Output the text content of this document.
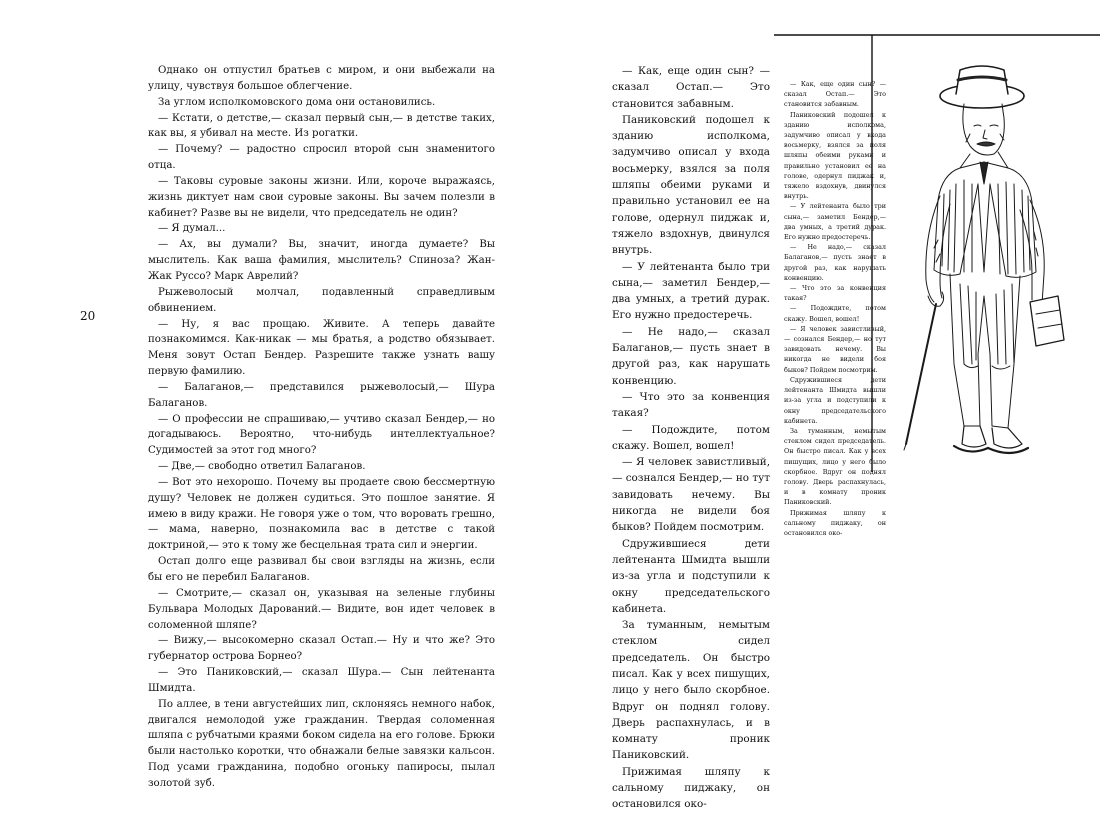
20

Однако он отпустил братьев с миром, и они выбежали на улицу, чувствуя большое облегчение.

За углом исполкомовского дома они остановились.

— Кстати, о детстве,— сказал первый сын,— в детстве таких, как вы, я убивал на месте. Из рогатки.

— Почему? — радостно спросил второй сын знаменитого отца.

— Таковы суровые законы жизни. Или, короче выражаясь, жизнь диктует нам свои суровые законы. Вы зачем полезли в кабинет? Разве вы не видели, что председатель не один?

— Я думал...

— Ах, вы думали? Вы, значит, иногда думаете? Вы мыслитель. Как ваша фамилия, мыслитель? Спиноза? Жан-Жак Руссо? Марк Аврелий?

Рыжеволосый молчал, подавленный справедливым обвинением.

— Ну, я вас прощаю. Живите. А теперь давайте познакомимся. Как-никак — мы братья, а родство обязывает. Меня зовут Остап Бендер. Разрешите также узнать вашу первую фамилию.

— Балаганов,— представился рыжеволосый,— Шура Балаганов.

— О профессии не спрашиваю,— учтиво сказал Бендер,— но догадываюсь. Вероятно, что-нибудь интеллектуальное? Судимостей за этот год много?

— Две,— свободно ответил Балаганов.

— Вот это нехорошо. Почему вы продаете свою бессмертную душу? Человек не должен судиться. Это пошлое занятие. Я имею в виду кражи. Не говоря уже о том, что воровать грешно,— мама, наверно, познакомила вас в детстве с такой доктриной,— это к тому же бесцельная трата сил и энергии.

Остап долго еще развивал бы свои взгляды на жизнь, если бы его не перебил Балаганов.

— Смотрите,— сказал он, указывая на зеленые глубины Бульвара Молодых Дарований.— Видите, вон идет человек в соломенной шляпе?

— Вижу,— высокомерно сказал Остап.— Ну и что же? Это губернатор острова Борнео?

— Это Паниковский,— сказал Шура.— Сын лейтенанта Шмидта.

По аллее, в тени августейших лип, склоняясь немного набок, двигался немолодой уже гражданин. Твердая соломенная шляпа с рубчатыми краями боком сидела на его голове. Брюки были настолько коротки, что обнажали белые завязки кальсон. Под усами гражданина, подобно огоньку папиросы, пылал золотой зуб.

— Как, еще один сын? — сказал Остап.— Это становится забавным.

Паниковский подошел к зданию исполкома, задумчиво описал у входа восьмерку, взялся за поля шляпы обеими руками и правильно установил ее на голове, одернул пиджак и, тяжело вздохнув, двинулся внутрь.

— У лейтенанта было три сына,— заметил Бендер,— два умных, а третий дурак. Его нужно предостеречь.

— Не надо,— сказал Балаганов,— пусть знает в другой раз, как нарушать конвенцию.

— Что это за конвенция такая?

— Подождите, потом скажу. Вошел, вошел!

— Я человек завистливый,— сознался Бендер,— но тут завидовать нечему. Вы никогда не видели боя быков? Пойдем посмотрим.

Сдружившиеся дети лейтенанта Шмидта вышли из-за угла и подступили к окну председательского кабинета.

За туманным, немытым стеклом сидел председатель. Он быстро писал. Как у всех пишущих, лицо у него было скорбное. Вдруг он поднял голову. Дверь распахнулась, и в комнату проник Паниковский.

Прижимая шляпу к сальному пиджаку, он остановился око-

— Как, еще один сын? — сказал Остап.— Это становится забавным.

Паниковский подошел к зданию исполкома, задумчиво описал у входа восьмерку, взялся за поля шляпы обеими руками и правильно установил ее на голове, одернул пиджак и, тяжело вздохнув, двинулся внутрь.

— У лейтенанта было три сына,— заметил Бендер,— два умных, а третий дурак. Его нужно предостеречь.

— Не надо,— сказал Балаганов,— пусть знает в другой раз, как нарушать конвенцию.

— Что это за конвенция такая?

— Подождите, потом скажу. Вошел, вошел!

— Я человек завистливый,— сознался Бендер,— но тут завидовать нечему. Вы никогда не видели боя быков? Пойдем посмотрим.

Сдружившиеся дети лейтенанта Шмидта вышли из-за угла и подступили к окну председательского кабинета.

За туманным, немытым стеклом сидел председатель. Он быстро писал. Как у всех пишущих, лицо у него было скорбное. Вдруг он поднял голову. Дверь распахнулась, и в комнату проник Паниковский.

Прижимая шляпу к сальному пиджаку, он остановился око-
